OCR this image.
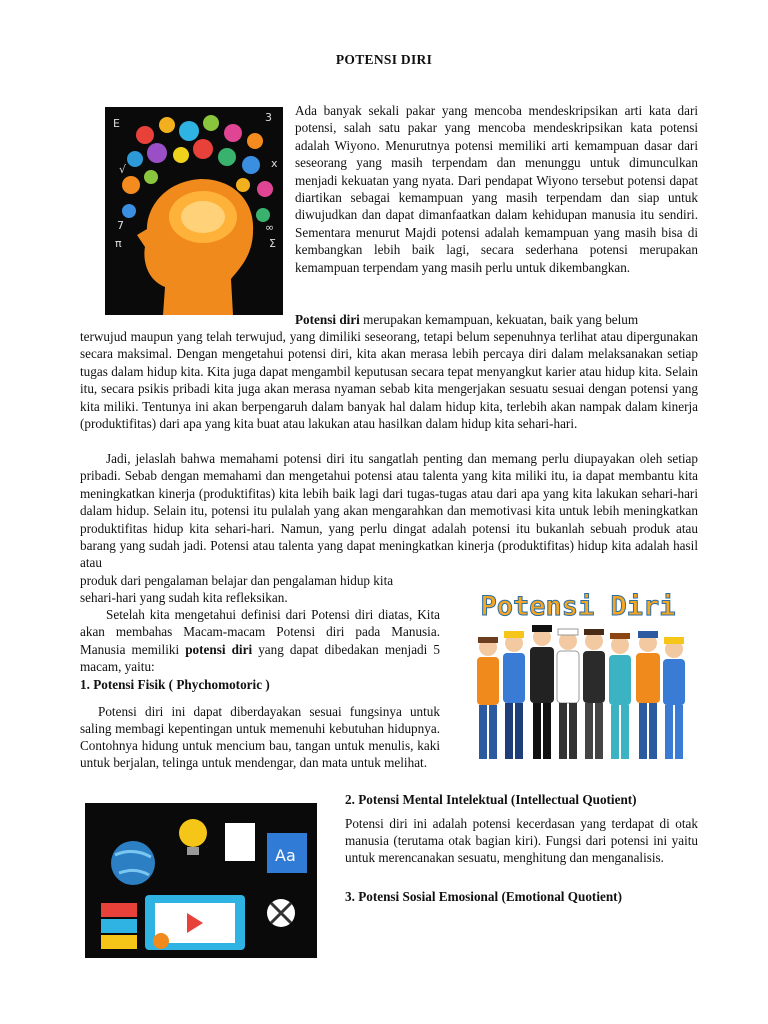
POTENSI DIRI
E	3
π	Σ
√	x
7	∞

Ada banyak sekali pakar yang mencoba mendeskripsikan arti kata dari potensi, salah satu pakar yang mencoba mendeskripsikan kata potensi adalah Wiyono. Menurutnya potensi memiliki arti kemampuan dasar dari seseorang yang masih terpendam dan menunggu untuk dimunculkan menjadi kekuatan yang nyata. Dari pendapat Wiyono tersebut potensi dapat diartikan sebagai kemampuan yang masih terpendam dan siap untuk diwujudkan dan dapat dimanfaatkan dalam kehidupan manusia itu sendiri. Sementara menurut Majdi potensi adalah kemampuan yang masih bisa di kembangkan lebih baik lagi, secara sederhana potensi merupakan kemampuan terpendam yang masih perlu untuk dikembangkan.

Potensi diri merupakan kemampuan, kekuatan, baik yang belum

terwujud maupun yang telah terwujud, yang dimiliki seseorang, tetapi belum sepenuhnya terlihat atau dipergunakan secara maksimal. Dengan mengetahui potensi diri, kita akan merasa lebih percaya diri dalam melaksanakan setiap tugas dalam hidup kita. Kita juga dapat mengambil keputusan secara tepat menyangkut karier atau hidup kita. Selain itu, secara psikis pribadi kita juga akan merasa nyaman sebab kita mengerjakan sesuatu sesuai dengan potensi yang kita miliki. Tentunya ini akan berpengaruh dalam banyak hal dalam hidup kita, terlebih akan nampak dalam kinerja (produktifitas) dari apa yang kita buat atau lakukan atau hasilkan dalam hidup kita sehari-hari.

Jadi, jelaslah bahwa memahami potensi diri itu sangatlah penting dan memang perlu diupayakan oleh setiap pribadi. Sebab dengan memahami dan mengetahui potensi atau talenta yang kita miliki itu, ia dapat membantu kita meningkatkan kinerja (produktifitas) kita lebih baik lagi dari tugas-tugas atau dari apa yang kita lakukan sehari-hari dalam hidup. Selain itu, potensi itu pulalah yang akan mengarahkan dan memotivasi kita untuk lebih meningkatkan produktifitas hidup kita sehari-hari. Namun, yang perlu dingat adalah potensi itu bukanlah sebuah produk atau barang yang sudah jadi. Potensi atau talenta yang dapat meningkatkan kinerja (produktifitas) hidup kita adalah hasil atau

produk dari pengalaman belajar dan pengalaman hidup kita

sehari-hari yang sudah kita refleksikan.	Potensi Diri

Setelah kita mengetahui definisi dari Potensi diri diatas, Kita akan membahas Macam-macam Potensi diri pada Manusia. Manusia memiliki potensi diri yang dapat dibedakan menjadi 5 macam, yaitu:

1. Potensi Fisik ( Phychomotoric )

Potensi diri ini dapat diberdayakan sesuai fungsinya untuk saling membagi kepentingan untuk memenuhi kebutuhan hidupnya. Contohnya hidung untuk mencium bau, tangan untuk menulis, kaki untuk berjalan, telinga untuk mendengar, dan mata untuk melihat.

Aa
2. Potensi Mental Intelektual (Intellectual Quotient)

Potensi diri ini adalah potensi kecerdasan yang terdapat di otak manusia (terutama otak bagian kiri). Fungsi dari potensi ini yaitu untuk merencanakan sesuatu, menghitung dan menganalisis.

3. Potensi Sosial Emosional (Emotional Quotient)
